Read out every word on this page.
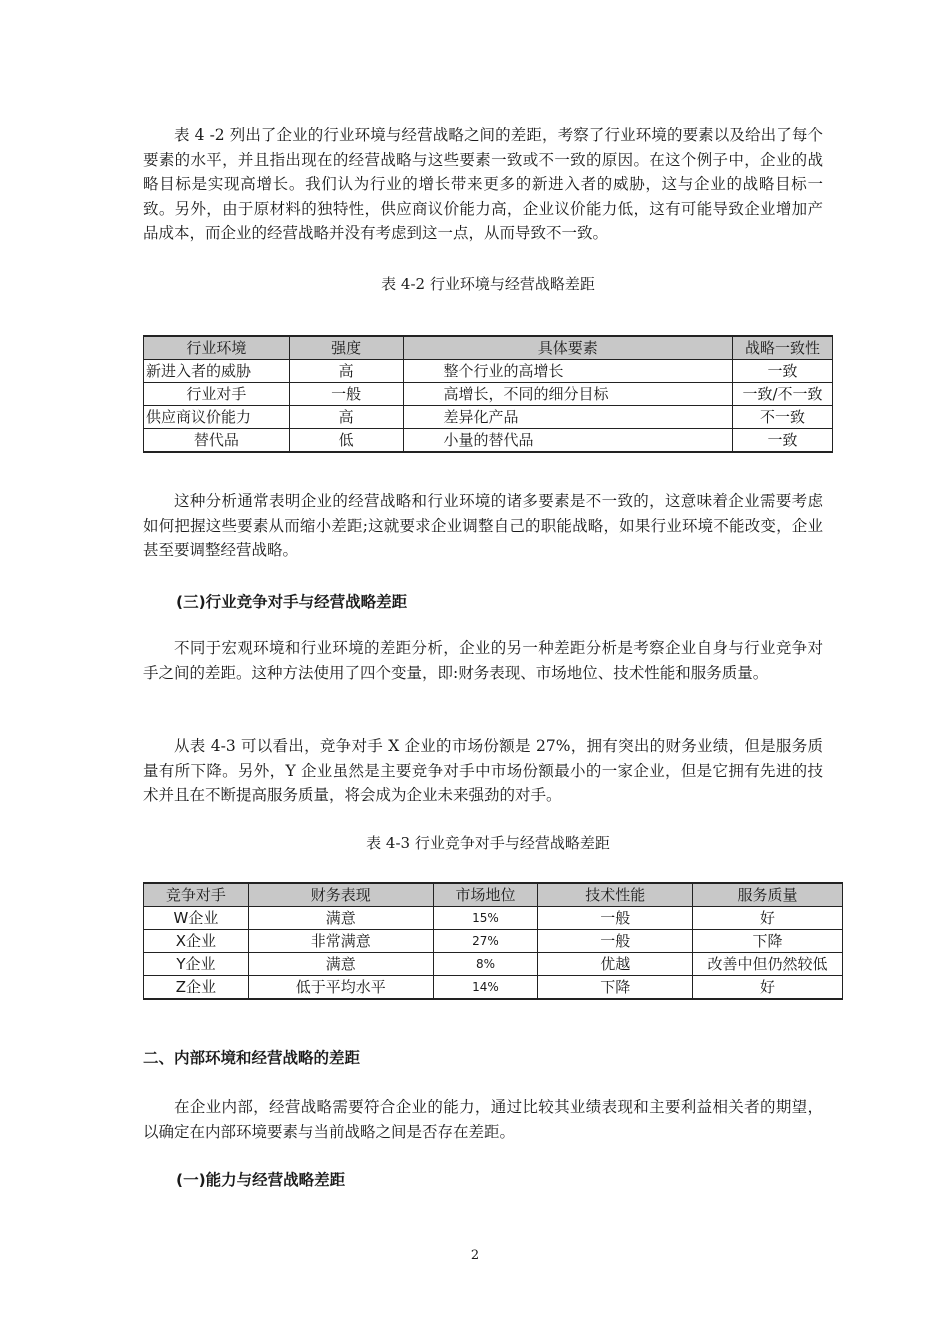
表 4 -2 列出了企业的行业环境与经营战略之间的差距，考察了行业环境的要素以及给出了每个要素的水平，并且指出现在的经营战略与这些要素一致或不一致的原因。在这个例子中，企业的战略目标是实现高增长。我们认为行业的增长带来更多的新进入者的威胁，这与企业的战略目标一致。另外，由于原材料的独特性，供应商议价能力高，企业议价能力低，这有可能导致企业增加产品成本，而企业的经营战略并没有考虑到这一点，从而导致不一致。

表 4-2 行业环境与经营战略差距

行业环境	强度	具体要素	战略一致性
新进入者的威胁	高	整个行业的高增长	一致
行业对手	一般	高增长，不同的细分目标	一致/不一致
供应商议价能力	高	差异化产品	不一致
替代品	低	小量的替代品	一致

这种分析通常表明企业的经营战略和行业环境的诸多要素是不一致的，这意味着企业需要考虑如何把握这些要素从而缩小差距;这就要求企业调整自己的职能战略，如果行业环境不能改变，企业甚至要调整经营战略。

(三)行业竞争对手与经营战略差距

不同于宏观环境和行业环境的差距分析，企业的另一种差距分析是考察企业自身与行业竞争对手之间的差距。这种方法使用了四个变量，即:财务表现、市场地位、技术性能和服务质量。

从表 4-3 可以看出，竞争对手 X 企业的市场份额是 27%，拥有突出的财务业绩，但是服务质量有所下降。另外，Y 企业虽然是主要竞争对手中市场份额最小的一家企业，但是它拥有先进的技术并且在不断提高服务质量，将会成为企业未来强劲的对手。

表 4-3 行业竞争对手与经营战略差距

竞争对手	财务表现	市场地位	技术性能	服务质量
W企业	满意	15%	一般	好
X企业	非常满意	27%	一般	下降
Y企业	满意	8%	优越	改善中但仍然较低
Z企业	低于平均水平	14%	下降	好

二、内部环境和经营战略的差距

在企业内部，经营战略需要符合企业的能力，通过比较其业绩表现和主要利益相关者的期望，以确定在内部环境要素与当前战略之间是否存在差距。

(一)能力与经营战略差距

2
